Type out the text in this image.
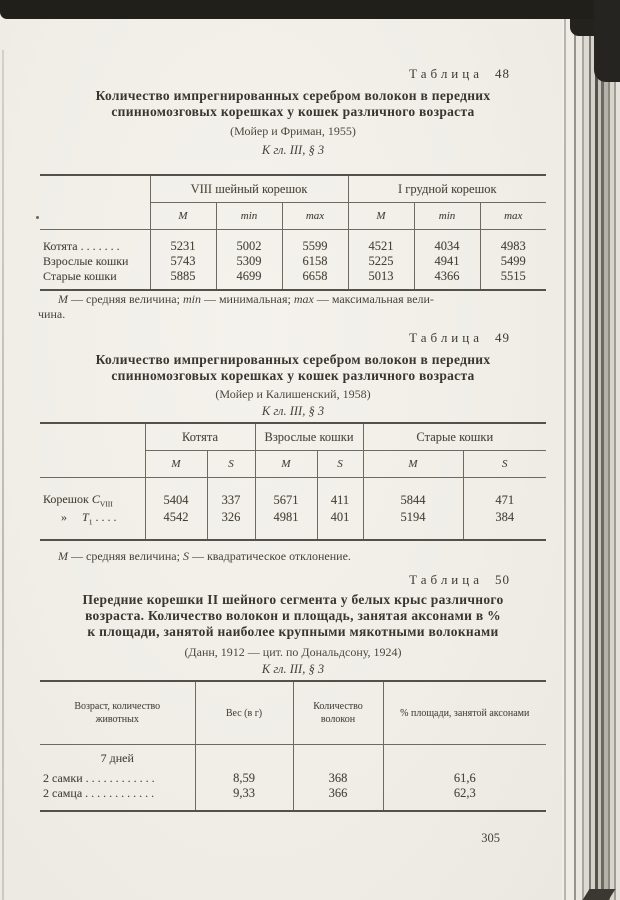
Таблица 48
Количество импрегнированных серебром волокон в передних
спинномозговых корешках у кошек различного возраста
(Мойер и Фриман, 1955)
К гл. III, § 3
	VIII шейный корешок			I грудной корешок		
	M	min	max	M	min	max
Котята . . . . . . .	5231	5002	5599	4521	4034	4983
Взрослые кошки	5743	5309	6158	5225	4941	5499
Старые кошки	5885	4699	6658	5013	4366	5515

М — средняя величина; min — минимальная; max — максимальная вели-
чина.
Таблица 49
Количество импрегнированных серебром волокон в передних
спинномозговых корешках у кошек различного возраста
(Мойер и Калишенский, 1958)
К гл. III, § 3
	Котята		Взрослые кошки		Старые кошки	
	M	S	M	S	M	S
Корешок $C_{VIII}$	5404	337	5671	411	5844	471
» $T_1$ . . . .	4542	326	4981	401	5194	384

М — средняя величина; S — квадратическое отклонение.
Таблица 50
Передние корешки II шейного сегмента у белых крыс различного
возраста. Количество волокон и площадь, занятая аксонами в %
к площади, занятой наиболее крупными мякотными волокнами
(Данн, 1912 — цит. по Дональдсону, 1924)
К гл. III, § 3
Возраст, количество животных	Вес (в г)	Количество волокон	% площади, занятой аксонами
7 дней			
2 самки . . . . . . . . . . . .	8,59	368	61,6
2 самца . . . . . . . . . . . .	9,33	366	62,3

305
